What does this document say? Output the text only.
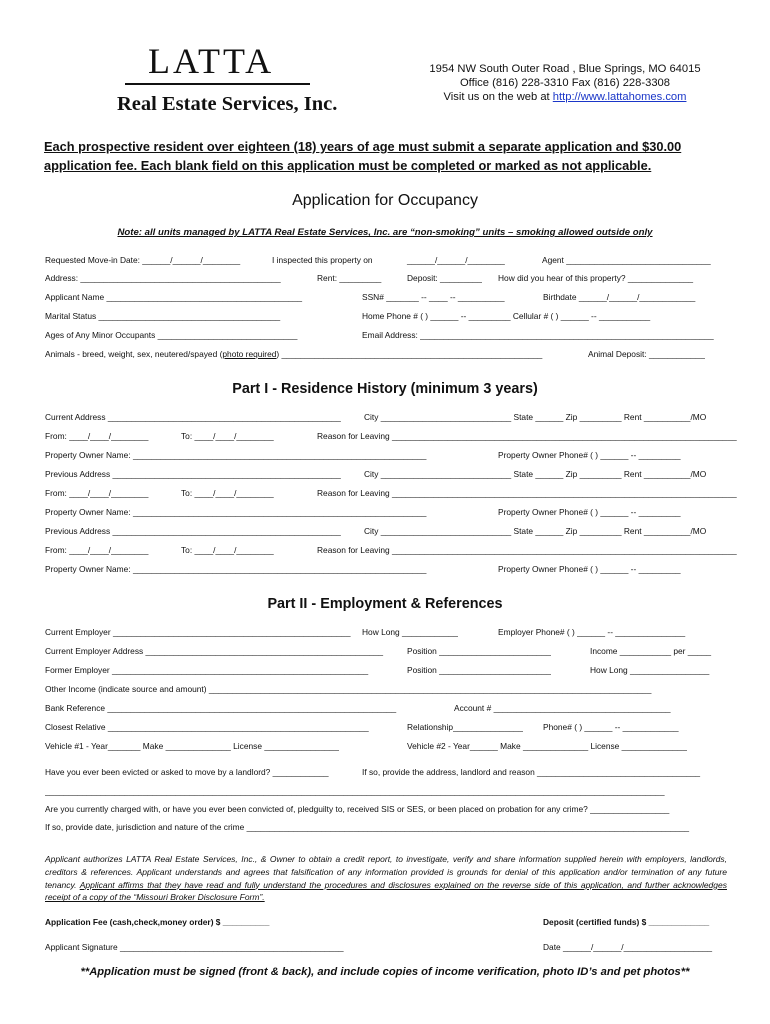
LATTA
Real Estate Services, Inc.
1954 NW South Outer Road , Blue Springs, MO 64015
Office (816) 228-3310 Fax (816) 228-3308
Visit us on the web at http://www.lattahomes.com
Each prospective resident over eighteen (18) years of age must submit a separate application and $30.00
application fee. Each blank field on this application must be completed or marked as not applicable.
Application for Occupancy
Note: all units managed by LATTA Real Estate Services, Inc. are “non-smoking” units – smoking allowed outside only
Requested Move-in Date: ______/______/________	I inspected this property on	______/______/________	Agent _______________________________
Address: ___________________________________________	Rent: _________	Deposit: _________ How did you hear of this property? ______________
Applicant Name __________________________________________	SSN# _______ -- ____ -- __________	Birthdate ______/______/____________
Marital Status _______________________________________	Home Phone # ( ) ______ -- _________ Cellular # ( ) ______ -- ___________
Ages of Any Minor Occupants ______________________________	Email Address: _______________________________________________________________
Animals - breed, weight, sex, neutered/spayed (photo required) ________________________________________________________	Animal Deposit: ____________
Part I - Residence History (minimum 3 years)
Current Address __________________________________________________	City ____________________________ State ______ Zip _________ Rent __________/MO
From: ____/____/________	To: ____/____/________	Reason for Leaving __________________________________________________________________________
Property Owner Name: _______________________________________________________________	Property Owner Phone# ( ) ______ -- _________
Previous Address _________________________________________________	City ____________________________ State ______ Zip _________ Rent __________/MO
From: ____/____/________	To: ____/____/________	Reason for Leaving __________________________________________________________________________
Property Owner Name: _______________________________________________________________	Property Owner Phone# ( ) ______ -- _________
Previous Address _________________________________________________	City ____________________________ State ______ Zip _________ Rent __________/MO
From: ____/____/________	To: ____/____/________	Reason for Leaving __________________________________________________________________________
Property Owner Name: _______________________________________________________________	Property Owner Phone# ( ) ______ -- _________
Part II - Employment & References
Current Employer ___________________________________________________ How Long ____________	Employer Phone# ( ) ______ -- _______________
Current Employer Address ___________________________________________________	Position ________________________	Income ___________ per _____
Former Employer _______________________________________________________	Position ________________________	How Long _________________
Other Income (indicate source and amount) _______________________________________________________________________________________________
Bank Reference ______________________________________________________________	Account # ______________________________________
Closest Relative ________________________________________________________	Relationship_______________ Phone# ( ) ______ -- ____________
Vehicle #1 - Year_______ Make ______________ License ________________	Vehicle #2 - Year______ Make ______________ License ______________
Have you ever been evicted or asked to move by a landlord? ____________	If so, provide the address, landlord and reason ___________________________________
_____________________________________________________________________________________________________________________________________
Are you currently charged with, or have you ever been convicted of, pledguilty to, received SIS or SES, or been placed on probation for any crime? _________________
If so, provide date, jurisdiction and nature of the crime _______________________________________________________________________________________________
Applicant authorizes LATTA Real Estate Services, Inc., & Owner to obtain a credit report, to investigate, verify and share information supplied herein with employers, landlords, creditors & references. Applicant understands and agrees that falsification of any information provided is grounds for denial of this application and/or termination of any future tenancy. Applicant affirms that they have read and fully understand the procedures and disclosures explained on the reverse side of this application, and further acknowledges receipt of a copy of the “Missouri Broker Disclosure Form”.
Application Fee (cash,check,money order) $ __________	Deposit (certified funds) $ _____________
Applicant Signature ________________________________________________	Date ______/______/___________________
**Application must be signed (front & back), and include copies of income verification, photo ID’s and pet photos**
